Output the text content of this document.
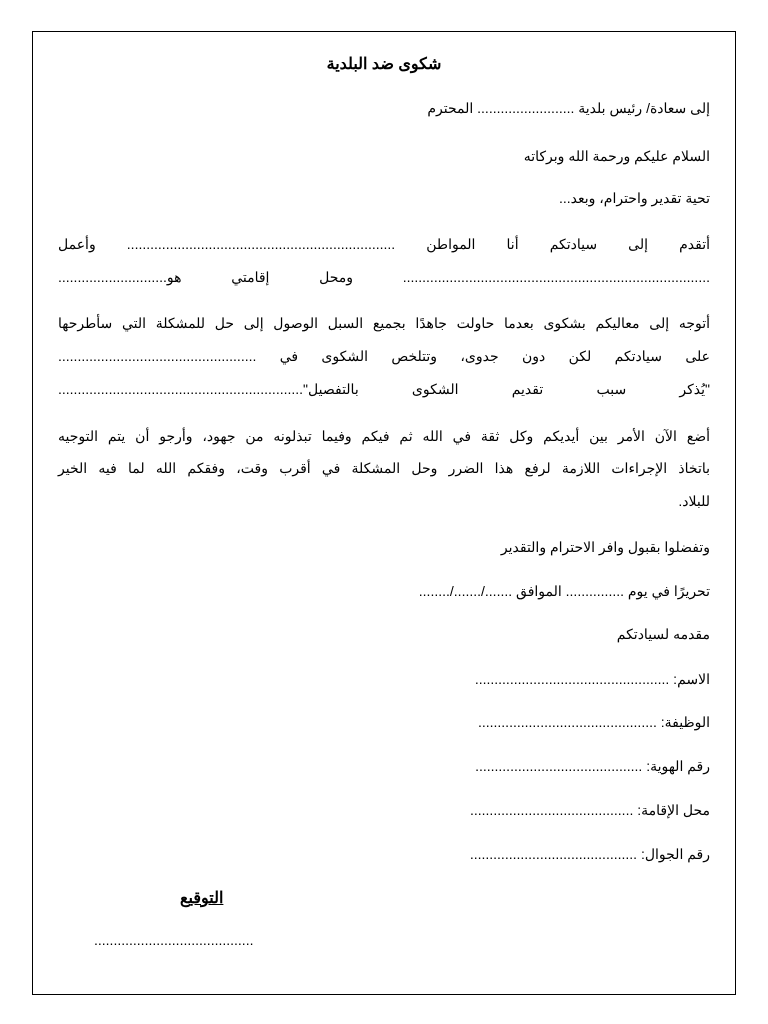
شكوى ضد البلدية
إلى سعادة/ رئيس بلدية ......................... المحترم
السلام عليكم ورحمة الله وبركاته
تحية تقدير واحترام، وبعد...
أتقدم إلى سيادتكم أنا المواطن ..................................................................... وأعمل
............................................................................... ومحل إقامتي هو............................
أتوجه إلى معاليكم بشكوى بعدما حاولت جاهدًا بجميع السبل الوصول إلى حل للمشكلة التي سأطرحها
على سيادتكم لكن دون جدوى، وتتلخص الشكوى في ...................................................
"يُذكر سبب تقديم الشكوى بالتفصيل"...............................................................
أضع الآن الأمر بين أيديكم وكل ثقة في الله ثم فيكم وفيما تبذلونه من جهود، وأرجو أن يتم التوجيه
باتخاذ الإجراءات اللازمة لرفع هذا الضرر وحل المشكلة في أقرب وقت، وفقكم الله لما فيه الخير
للبلاد.
وتفضلوا بقبول وافر الاحترام والتقدير
تحريرًا في يوم ............... الموافق ......./......./........
مقدمه لسيادتكم
الاسم: ..................................................
الوظيفة: ..............................................
رقم الهوية: ...........................................
محل الإقامة: ..........................................
رقم الجوال: ...........................................
التوقيع
.........................................
